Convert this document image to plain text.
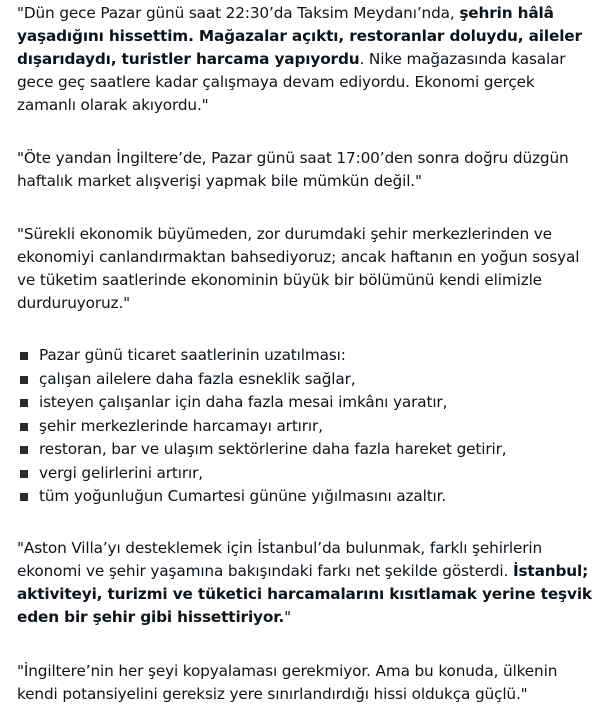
"Dün gece Pazar günü saat 22:30’da Taksim Meydanı’nda, şehrin hâlâ yaşadığını hissettim. Mağazalar açıktı, restoranlar doluydu, aileler dışarıdaydı, turistler harcama yapıyordu. Nike mağazasında kasalar gece geç saatlere kadar çalışmaya devam ediyordu. Ekonomi gerçek zamanlı olarak akıyordu."

"Öte yandan İngiltere’de, Pazar günü saat 17:00’den sonra doğru düzgün haftalık market alışverişi yapmak bile mümkün değil."

"Sürekli ekonomik büyümeden, zor durumdaki şehir merkezlerinden ve ekonomiyi canlandırmaktan bahsediyoruz; ancak haftanın en yoğun sosyal ve tüketim saatlerinde ekonominin büyük bir bölümünü kendi elimizle durduruyoruz."

Pazar günü ticaret saatlerinin uzatılması:
çalışan ailelere daha fazla esneklik sağlar,
isteyen çalışanlar için daha fazla mesai imkânı yaratır,
şehir merkezlerinde harcamayı artırır,
restoran, bar ve ulaşım sektörlerine daha fazla hareket getirir,
vergi gelirlerini artırır,
tüm yoğunluğun Cumartesi gününe yığılmasını azaltır.

"Aston Villa’yı desteklemek için İstanbul’da bulunmak, farklı şehirlerin ekonomi ve şehir yaşamına bakışındaki farkı net şekilde gösterdi. İstanbul; aktiviteyi, turizmi ve tüketici harcamalarını kısıtlamak yerine teşvik eden bir şehir gibi hissettiriyor."

"İngiltere’nin her şeyi kopyalaması gerekmiyor. Ama bu konuda, ülkenin kendi potansiyelini gereksiz yere sınırlandırdığı hissi oldukça güçlü."
